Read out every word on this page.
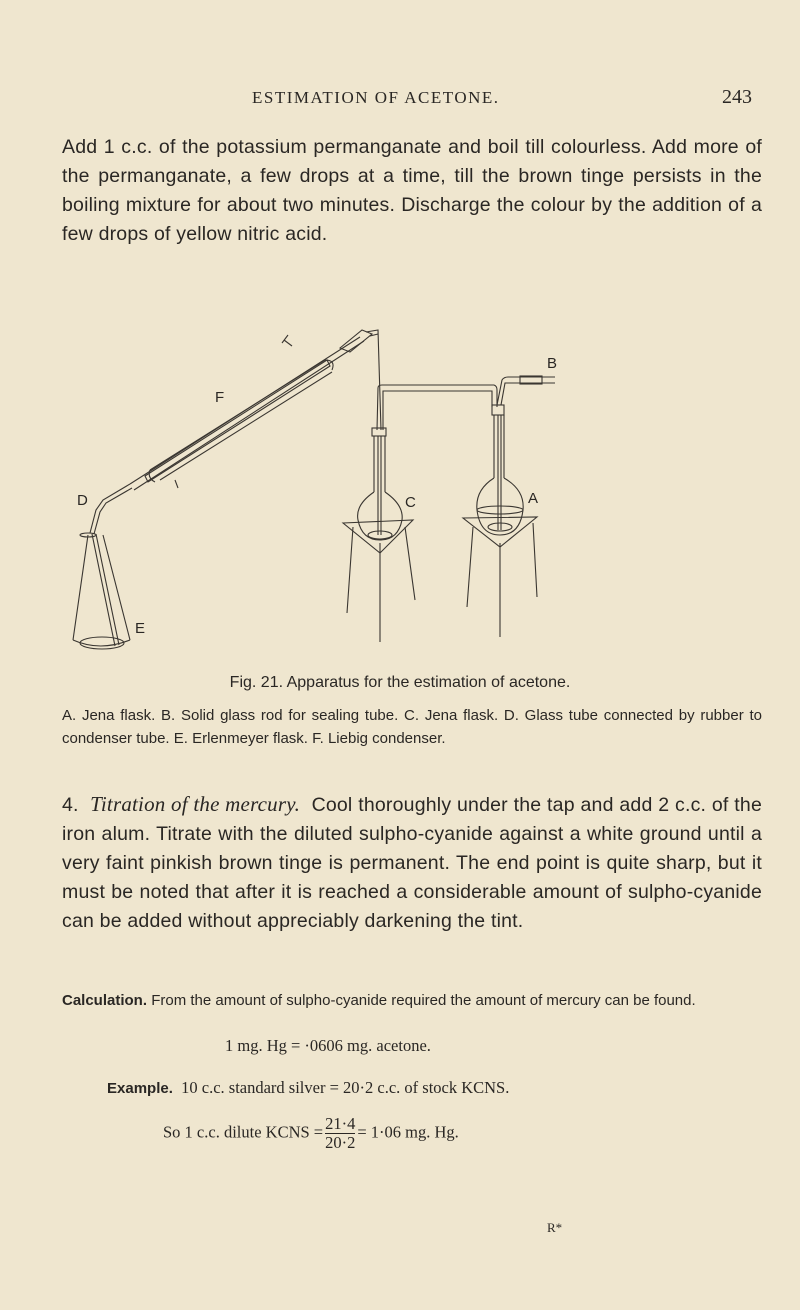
ESTIMATION OF ACETONE.	243

Add 1 c.c. of the potassium permanganate and boil till colourless. Add more of the permanganate, a few drops at a time, till the brown tinge persists in the boiling mixture for about two minutes. Discharge the colour by the addition of a few drops of yellow nitric acid.

D
E
F
C	A
B
Fig. 21. Apparatus for the estimation of acetone.
A. Jena flask. B. Solid glass rod for sealing tube. C. Jena flask. D. Glass tube connected by rubber to condenser tube. E. Erlenmeyer flask. F. Liebig condenser.

4. Titration of the mercury. Cool thoroughly under the tap and add 2 c.c. of the iron alum. Titrate with the diluted sulpho-cyanide against a white ground until a very faint pinkish brown tinge is permanent. The end point is quite sharp, but it must be noted that after it is reached a considerable amount of sulpho-cyanide can be added without appreciably darkening the tint.

Calculation. From the amount of sulpho-cyanide required the amount of mercury can be found.
1 mg. Hg = ·0606 mg. acetone.
Example. 10 c.c. standard silver = 20·2 c.c. of stock KCNS.
So 1 c.c. dilute KCNS = $\frac{21\cdot 4}{20\cdot 2} = 1\cdot 06$ mg. Hg.
R*
